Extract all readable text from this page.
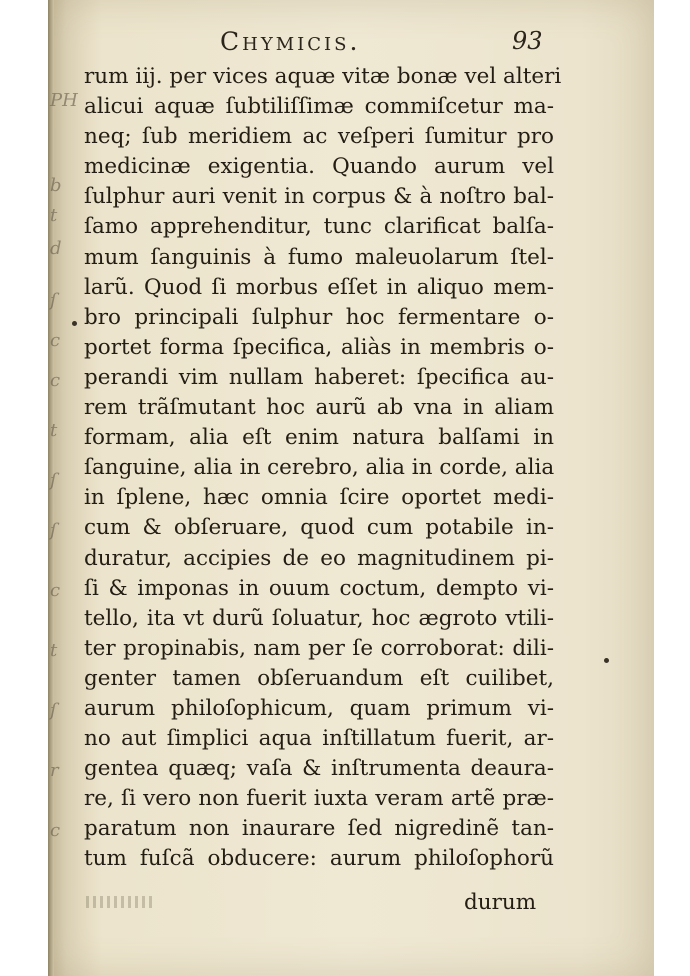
PH
b
t
d
ſ
c
c
t
ſ
ſ
c
t
ſ
r
c
Chymicis.	93
rum iij. per vices aquæ vitæ bonæ vel alteri
alicui aquæ ſubtiliſſimæ commiſcetur ma-
neq; ſub meridiem ac veſperi ſumitur pro
medicinæ exigentia. Quando aurum vel
ſulphur auri venit in corpus & à noſtro bal-
ſamo apprehenditur, tunc clarificat balſa-
mum ſanguinis à fumo maleuolarum ſtel-
larũ. Quod ſi morbus eſſet in aliquo mem-
bro principali ſulphur hoc fermentare o-
portet forma ſpecifica, aliàs in membris o-
perandi vim nullam haberet: ſpecifica au-
rem trãſmutant hoc aurũ ab vna in aliam
formam, alia eſt enim natura balſami in
ſanguine, alia in cerebro, alia in corde, alia
in ſplene, hæc omnia ſcire oportet medi-
cum & obſeruare, quod cum potabile in-
duratur, accipies de eo magnitudinem pi-
ſi & imponas in ouum coctum, dempto vi-
tello, ita vt durũ ſoluatur, hoc ægroto vtili-
ter propinabis, nam per ſe corroborat: dili-
genter tamen obſeruandum eſt cuilibet,
aurum philoſophicum, quam primum vi-
no aut ſimplici aqua inſtillatum fuerit, ar-
gentea quæq; vaſa & inſtrumenta deaura-
re, ſi vero non fuerit iuxta veram artẽ præ-
paratum non inaurare ſed nigredinẽ tan-
tum fuſcã obducere: aurum philoſophorũ
durum
